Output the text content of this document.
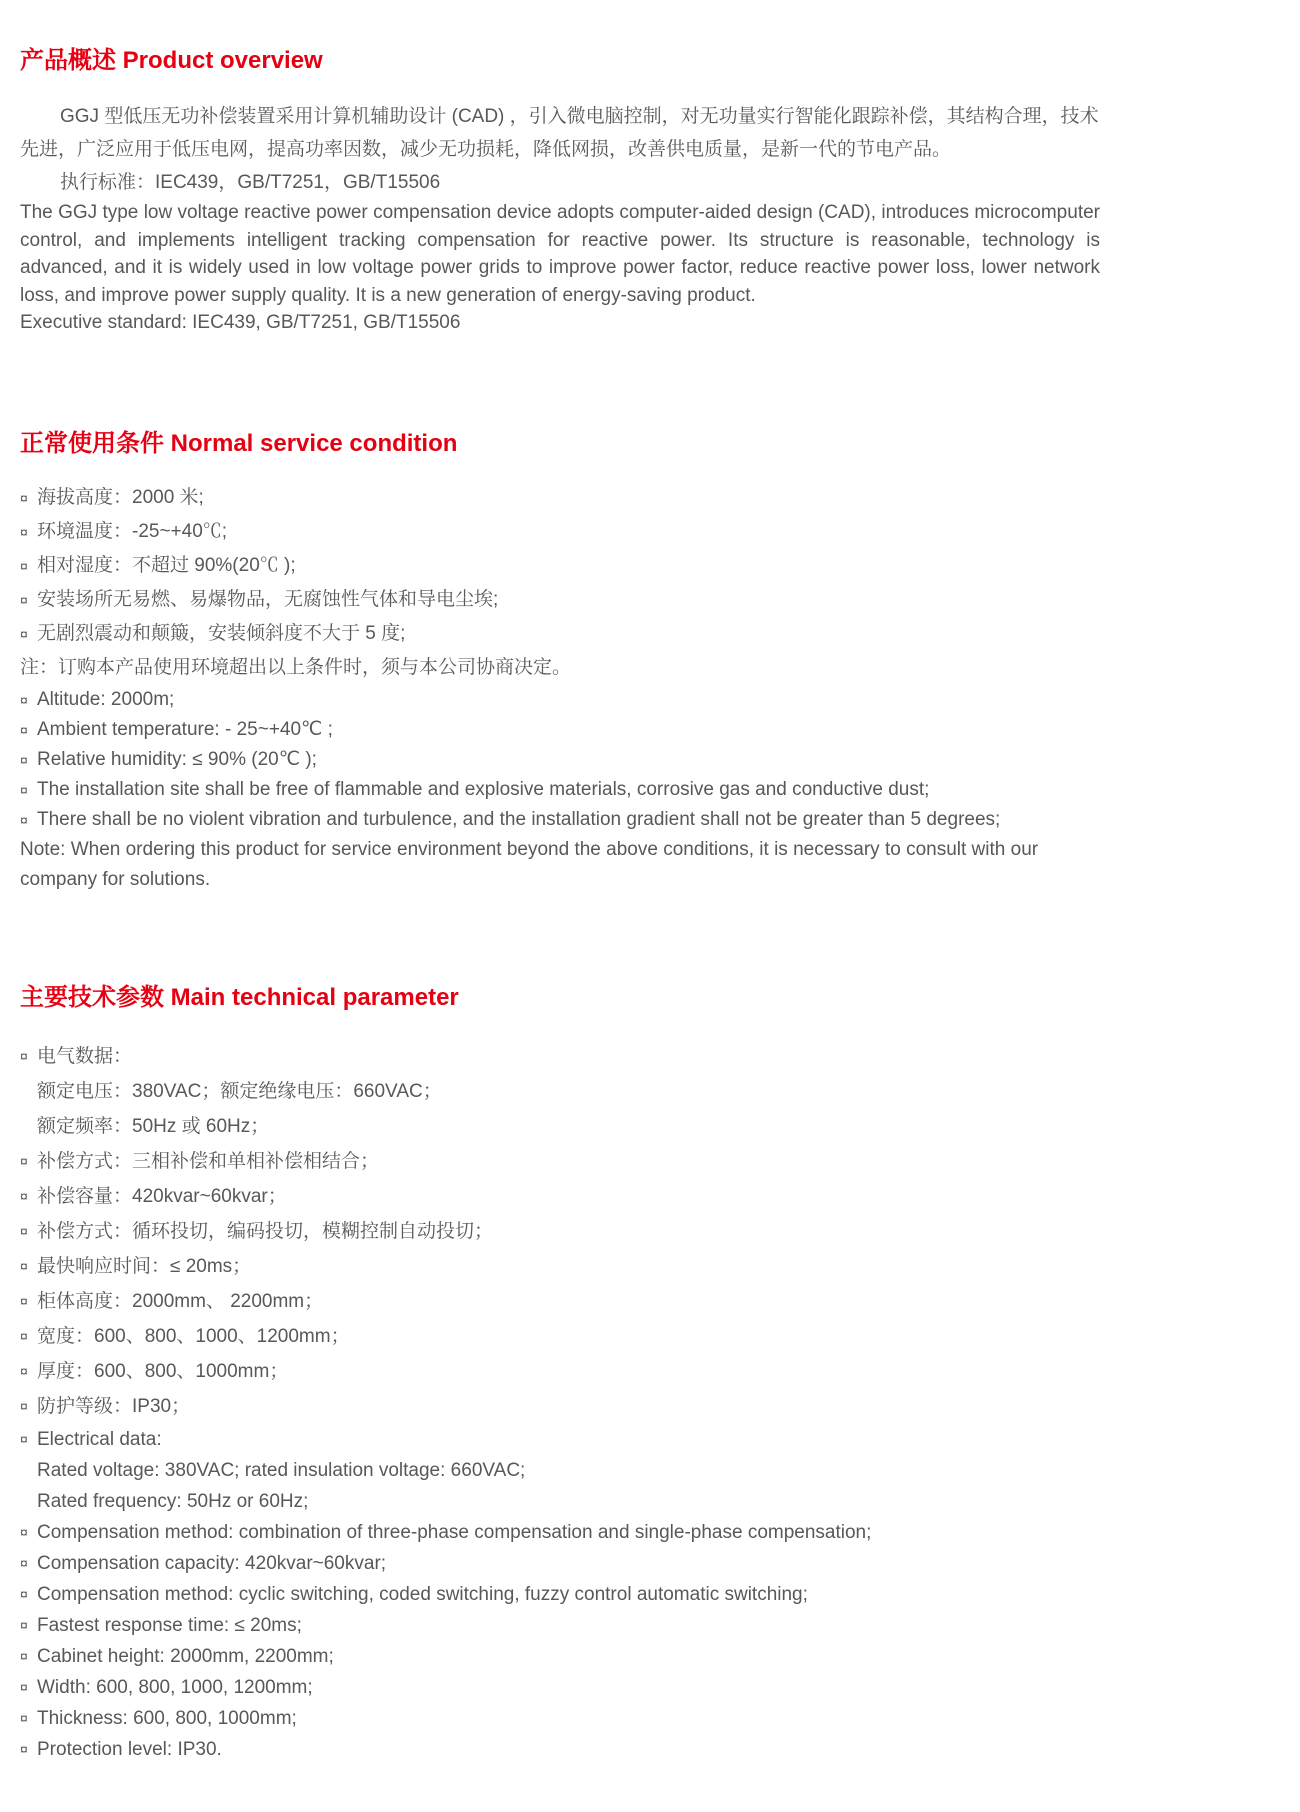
产品概述 Product overview

GGJ 型低压无功补偿装置采用计算机辅助设计 (CAD) ，引入微电脑控制，对无功量实行智能化跟踪补偿，其结构合理，技术先进，广泛应用于低压电网，提高功率因数，减少无功损耗，降低网损，改善供电质量，是新一代的节电产品。

执行标准：IEC439，GB/T7251，GB/T15506

The GGJ type low voltage reactive power compensation device adopts computer-aided design (CAD), introduces microcomputer control, and implements intelligent tracking compensation for reactive power. Its structure is reasonable, technology is advanced, and it is widely used in low voltage power grids to improve power factor, reduce reactive power loss, lower network loss, and improve power supply quality. It is a new generation of energy-saving product.

Executive standard: IEC439, GB/T7251, GB/T15506

正常使用条件 Normal service condition
¤ 海拔高度：2000 米;
¤ 环境温度：-25~+40℃;
¤ 相对湿度：不超过 90%(20℃ );
¤ 安装场所无易燃、易爆物品，无腐蚀性气体和导电尘埃;
¤ 无剧烈震动和颠簸，安装倾斜度不大于 5 度;
注：订购本产品使用环境超出以上条件时，须与本公司协商决定。
¤ Altitude: 2000m;
¤ Ambient temperature: - 25~+40℃ ;
¤ Relative humidity: ≤ 90% (20℃ );
¤ The installation site shall be free of flammable and explosive materials, corrosive gas and conductive dust;
¤ There shall be no violent vibration and turbulence, and the installation gradient shall not be greater than 5 degrees;
Note: When ordering this product for service environment beyond the above conditions, it is necessary to consult with our company for solutions.
主要技术参数 Main technical parameter
¤ 电气数据：
额定电压：380VAC；额定绝缘电压：660VAC；
额定频率：50Hz 或 60Hz；
¤ 补偿方式：三相补偿和单相补偿相结合；
¤ 补偿容量：420kvar~60kvar；
¤ 补偿方式：循环投切，编码投切，模糊控制自动投切；
¤ 最快响应时间：≤ 20ms；
¤ 柜体高度：2000mm、 2200mm；
¤ 宽度：600、800、1000、1200mm；
¤ 厚度：600、800、1000mm；
¤ 防护等级：IP30；
¤ Electrical data:
Rated voltage: 380VAC; rated insulation voltage: 660VAC;
Rated frequency: 50Hz or 60Hz;
¤ Compensation method: combination of three-phase compensation and single-phase compensation;
¤ Compensation capacity: 420kvar~60kvar;
¤ Compensation method: cyclic switching, coded switching, fuzzy control automatic switching;
¤ Fastest response time: ≤ 20ms;
¤ Cabinet height: 2000mm, 2200mm;
¤ Width: 600, 800, 1000, 1200mm;
¤ Thickness: 600, 800, 1000mm;
¤ Protection level: IP30.
